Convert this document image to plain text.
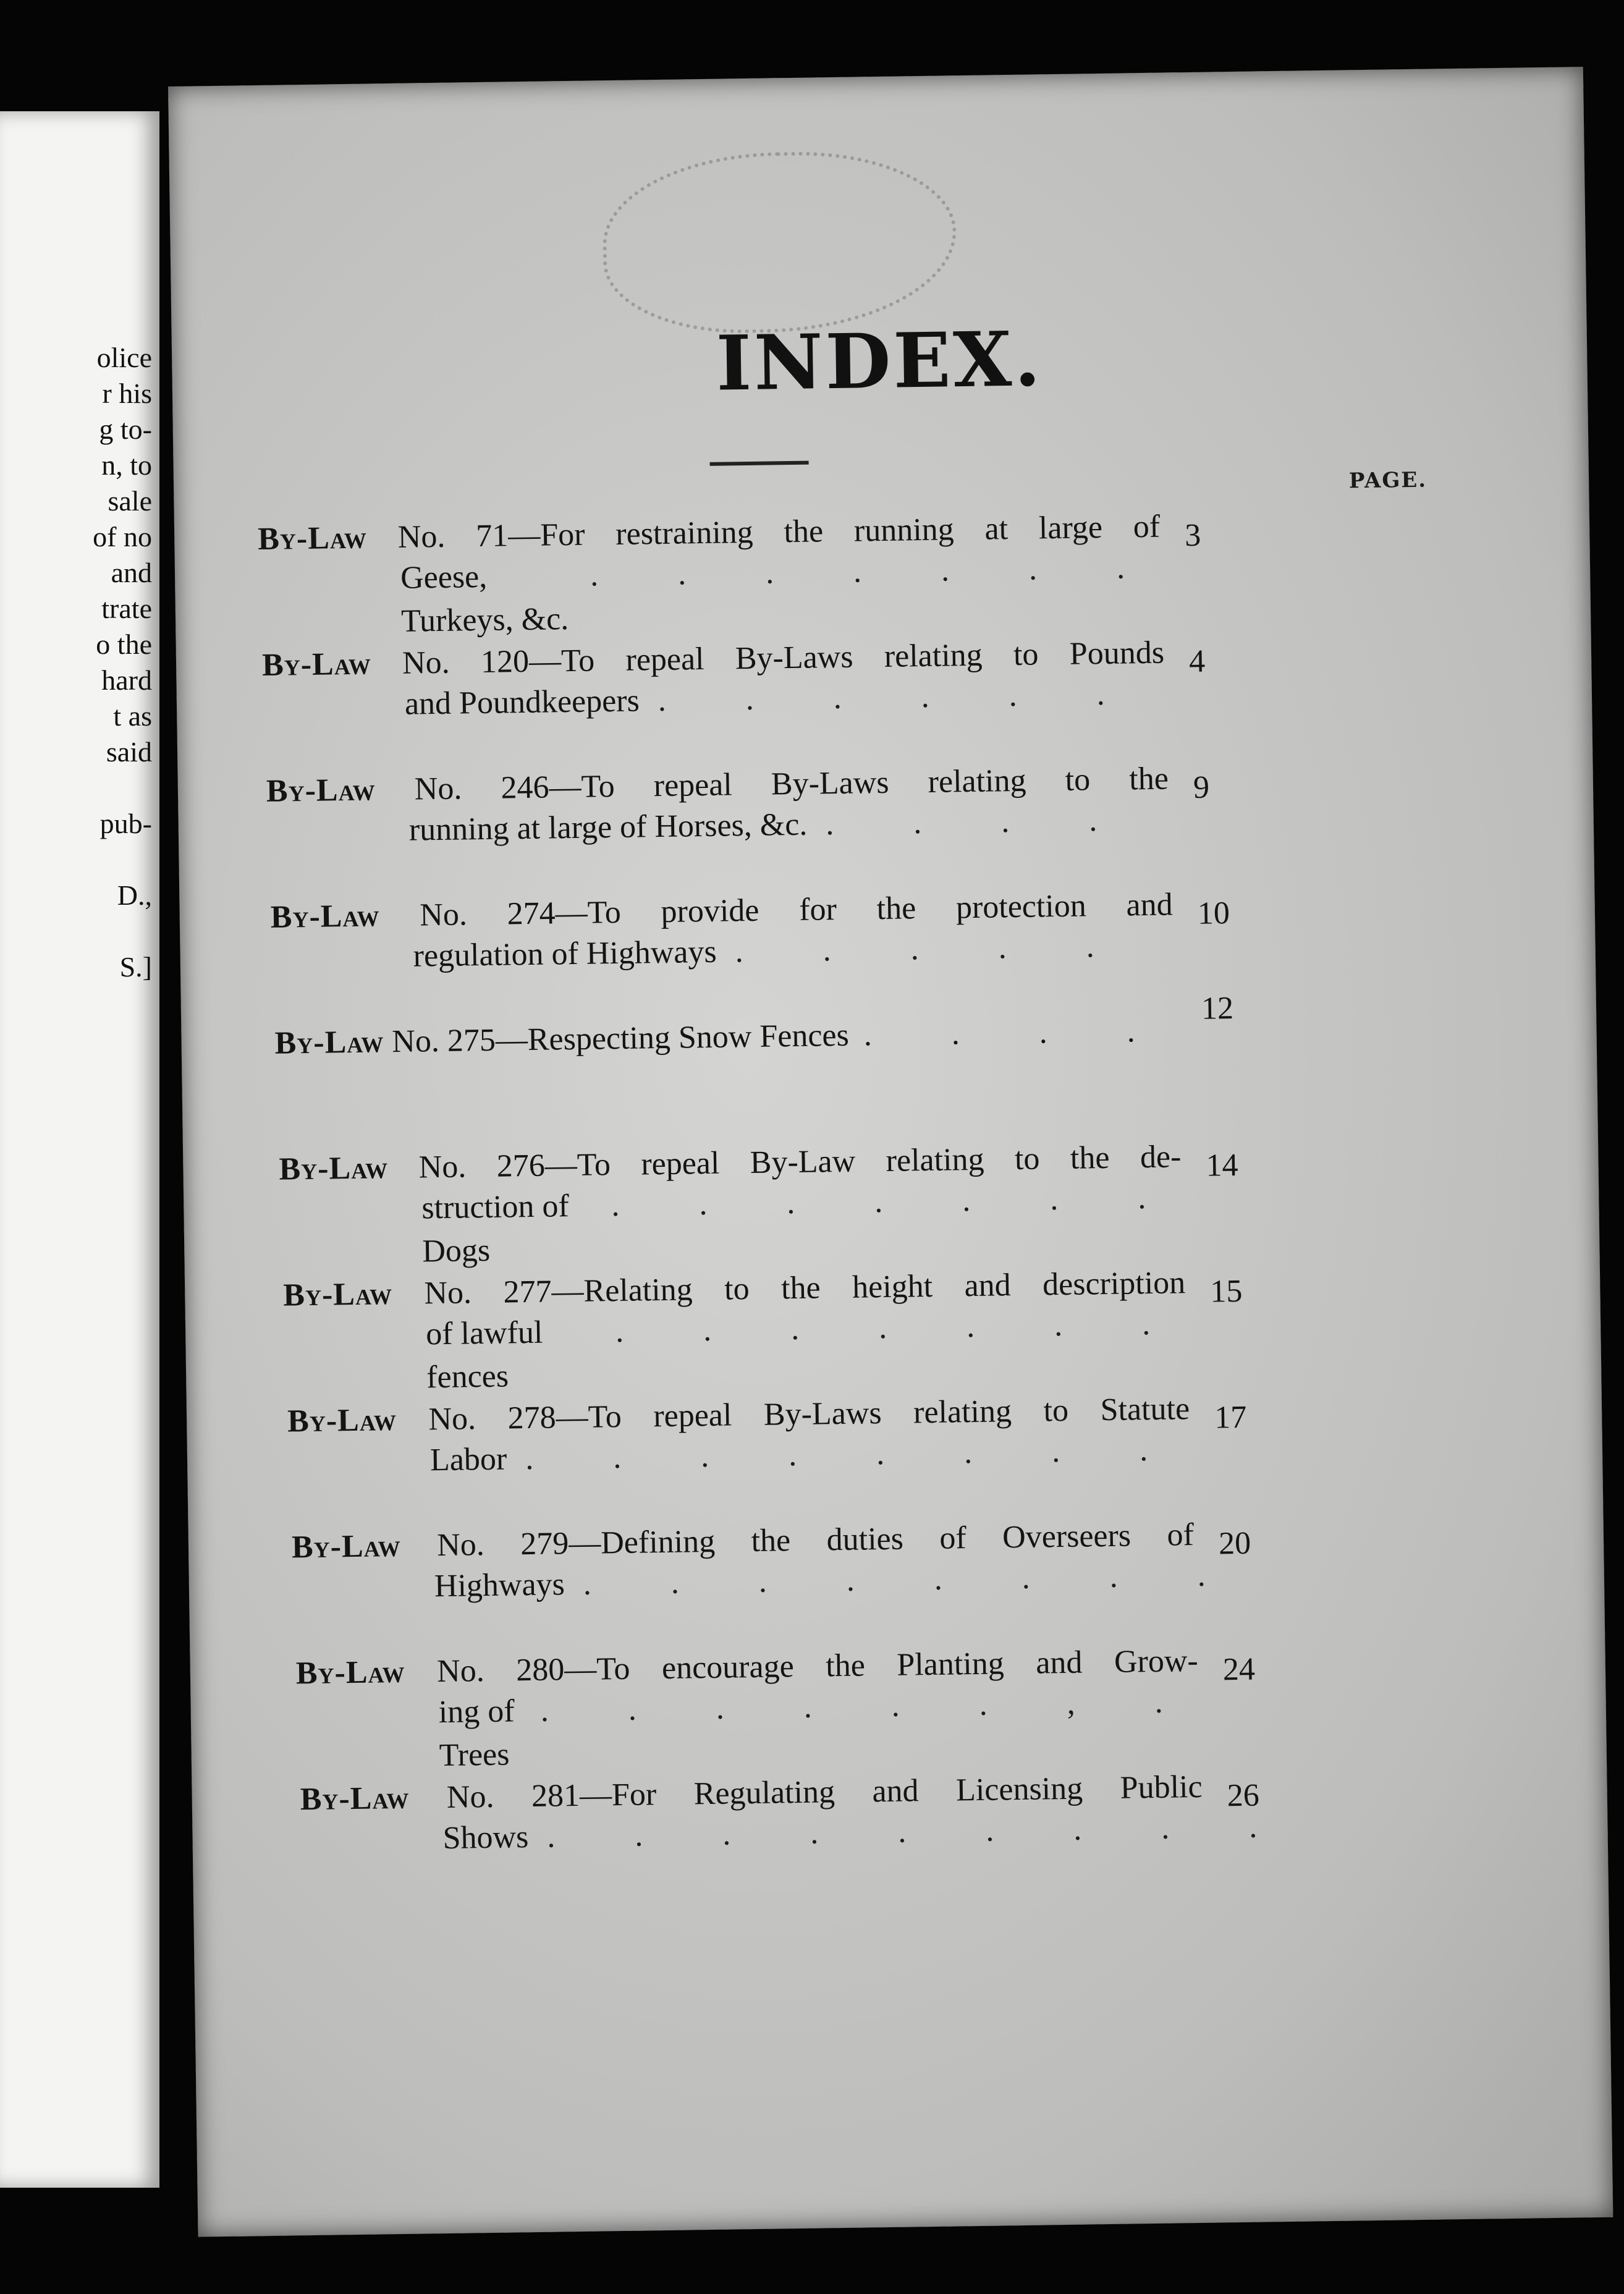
olice
r his
g to-
n, to
sale
of no
and
trate
o the
hard
t as
said

pub-

D.,

S.]
INDEX.
PAGE.
By-Law No. 71—For restraining the running at large of
Geese, Turkeys, &c.
. . . . . . .
3
By-Law No. 120—To repeal By-Laws relating to Pounds
and Poundkeepers . . . . . .
4
By-Law No. 246—To repeal By-Laws relating to the
running at large of Horses, &c. . . . .
9
By-Law No. 274—To provide for the protection and
regulation of Highways . . . . .
10
By-Law No. 275—Respecting Snow Fences . . . .
12
By-Law No. 276—To repeal By-Law relating to the de-
struction of Dogs
. . . . . . .
14
By-Law No. 277—Relating to the height and description
of lawful fences
. . . . . . .
15
By-Law No. 278—To repeal By-Laws relating to Statute
Labor . . . . . . . .
17
By-Law No. 279—Defining the duties of Overseers of
Highways . . . . . . . .
20
By-Law No. 280—To encourage the Planting and Grow-
ing of Trees
. . . . . . , .
24
By-Law No. 281—For Regulating and Licensing Public
Shows . . . . . . . . .
26
